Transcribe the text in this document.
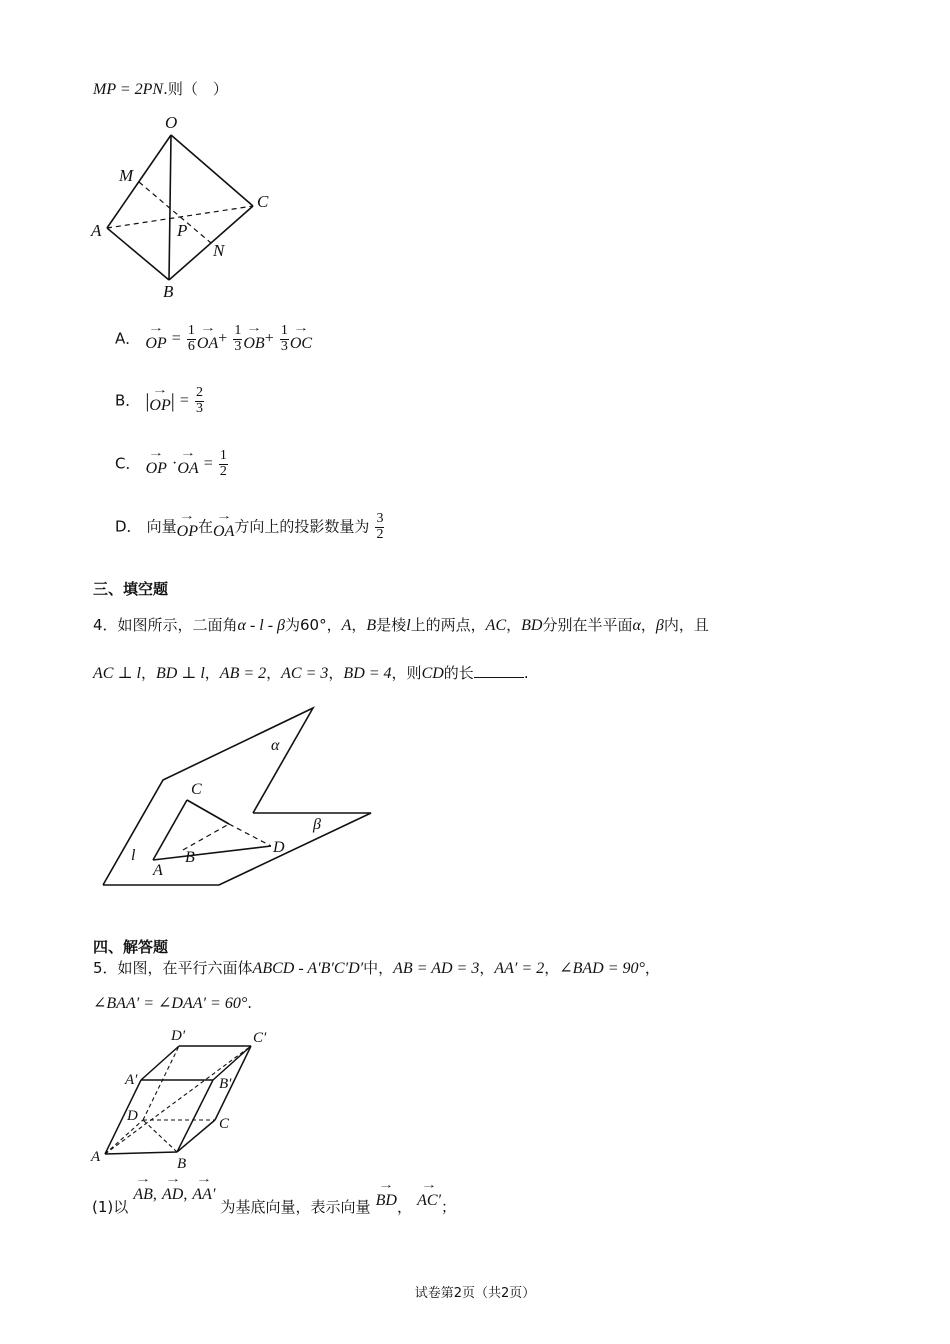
MP = 2PN.则（　）
O
M
A	P
N
C
B
A． → OP = $\frac{1}{6}$
→ $OA+ \frac{1}{3}$
→ $OB+ \frac{1}{3}$
→ OC
B． |→ $OP| = \frac{2}{3}$
C． → OP ·→ OA = $\frac{1}{2}$
D． 向量→ OP在→ OA方向上的投影数量为 $\frac{3}{2}$
三、填空题
4．如图所示，二面角α - l - β为60°，A，B是棱l上的两点，AC，BD分别在半平面α，β内，且
AC ⊥ l，BD ⊥ l，AB = 2，AC = 3，BD = 4，则CD的长	.
α
C
β
D
l	B
A
四、解答题
5．如图，在平行六面体ABCD - A′B′C′D′中，AB = AD = 3，AA′ = 2，∠BAD = 90°，
∠BAA′ = ∠DAA′ = 60°.
D′	C′
A′	B′
D	C
A	B
(1)以 → AB, → AD, → AA′ 为基底向量，表示向量 → BD， → AC′；
试卷第2页（共2页）
